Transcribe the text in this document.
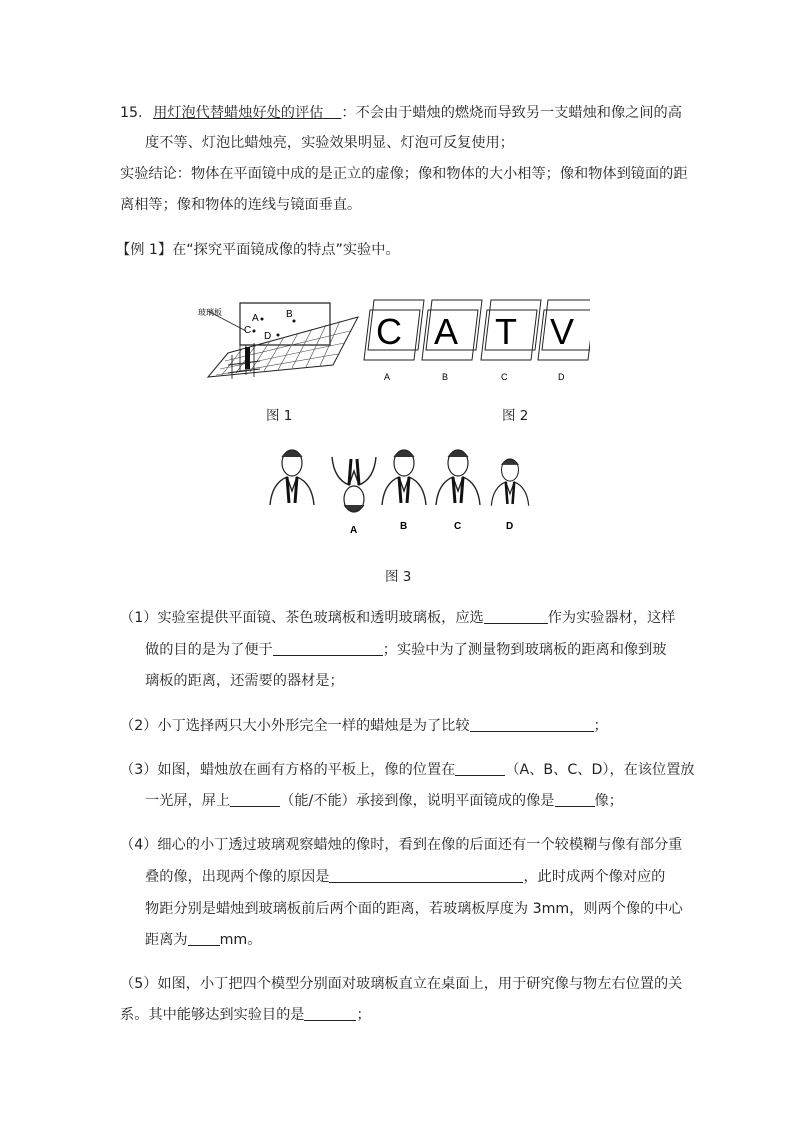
15. 用灯泡代替蜡烛好处的评估 ：不会由于蜡烛的燃烧而导致另一支蜡烛和像之间的高
度不等、灯泡比蜡烛亮，实验效果明显、灯泡可反复使用；
实验结论：物体在平面镜中成的是正立的虚像；像和物体的大小相等；像和物体到镜面的距
离相等；像和物体的连线与镜面垂直。
【例 1】在“探究平面镜成像的特点”实验中。
玻璃板
A	B
C
D	C
A
A
B
T
C
V
D
图 1	图 2
A	B	C	D
图 3
（1）实验室提供平面镜、茶色玻璃板和透明玻璃板，应选	作为实验器材，这样
做的目的是为了便于	；实验中为了测量物到玻璃板的距离和像到玻
璃板的距离，还需要的器材是；
（2）小丁选择两只大小外形完全一样的蜡烛是为了比较	；
（3）如图，蜡烛放在画有方格的平板上，像的位置在	（A、B、C、D），在该位置放
一光屏，屏上	（能/不能）承接到像，说明平面镜成的像是	像；
（4）细心的小丁透过玻璃观察蜡烛的像时，看到在像的后面还有一个较模糊与像有部分重
叠的像，出现两个像的原因是	，此时成两个像对应的
物距分别是蜡烛到玻璃板前后两个面的距离，若玻璃板厚度为 3mm，则两个像的中心
距离为 mm。
（5）如图，小丁把四个模型分别面对玻璃板直立在桌面上，用于研究像与物左右位置的关
系。其中能够达到实验目的是	；
